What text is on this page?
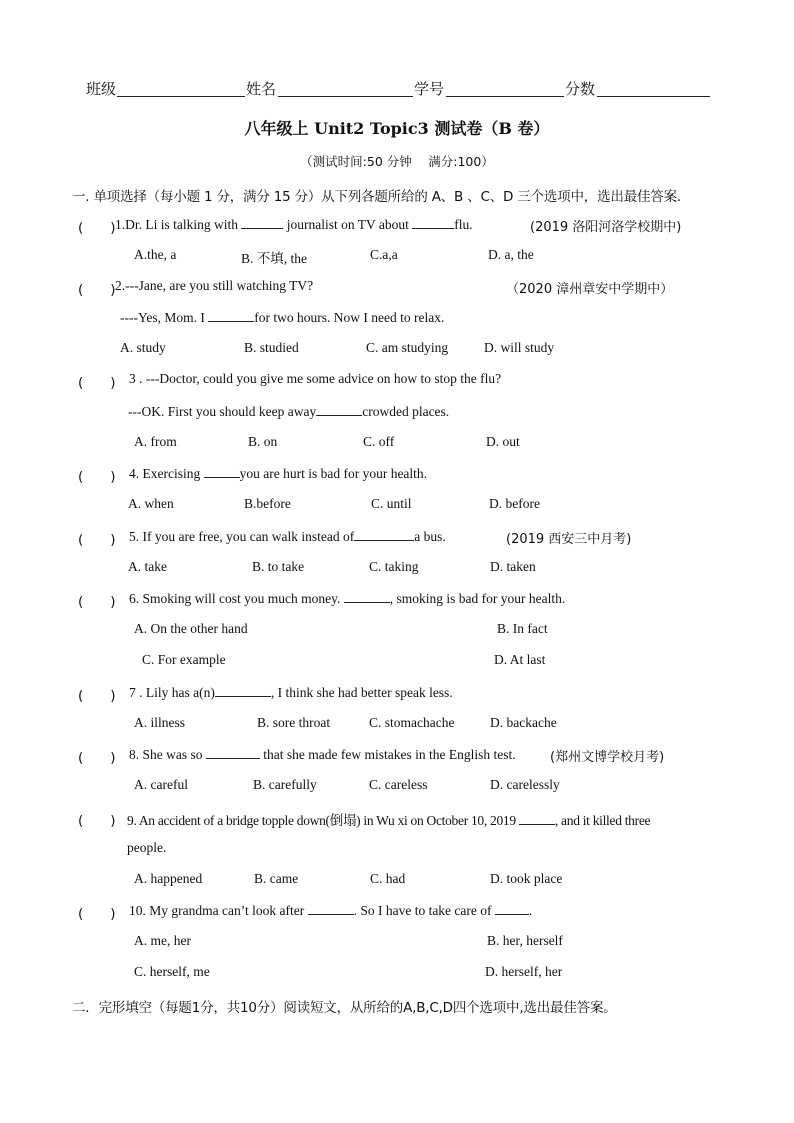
班级	姓名	学号	分数
八年级上 Unit2 Topic3 测试卷（B 卷）
（测试时间:50 分钟　 满分:100）
一. 单项选择（每小题 1 分，满分 15 分）从下列各题所给的 A、B 、C、D 三个选项中，选出最佳答案.
(　　) 1.Dr. Li is talking with	journalist on TV about	flu.	(2019 洛阳河洛学校期中)
A.the, a	B. 不填, the	C.a,a	D. a, the
(　　) 2.---Jane, are you still watching TV?	（2020 漳州章安中学期中）
----Yes, Mom. I	for two hours. Now I need to relax.
A. study	B. studied	C. am studying	D. will study
(　　) 3 . ---Doctor, could you give me some advice on how to stop the flu?
---OK. First you should keep away	crowded places.
A. from	B. on	C. off	D. out
(　　) 4. Exercising	you are hurt is bad for your health.
A. when	B.before	C. until	D. before
(　　) 5. If you are free, you can walk instead of	a bus.	(2019 西安三中月考)
A. take	B. to take	C. taking	D. taken
(　　) 6. Smoking will cost you much money.	, smoking is bad for your health.
A. On the other hand	B. In fact
C. For example	D. At last
(　　) 7 . Lily has a(n)	, I think she had better speak less.
A. illness	B. sore throat	C. stomachache	D. backache
(　　) 8. She was so	that she made few mistakes in the English test.	(郑州文博学校月考)
A. careful	B. carefully	C. careless	D. carelessly
(　　) 9. An accident of a bridge topple down(倒塌) in Wu xi on October 10, 2019	, and it killed three
people.
A. happened	B. came	C. had	D. took place
(　　) 10. My grandma can’t look after	. So I have to take care of	.
A. me, her	B. her, herself
C. herself, me	D. herself, her
二．完形填空（每题1分，共10分）阅读短文，从所给的A,B,C,D四个选项中,选出最佳答案。
